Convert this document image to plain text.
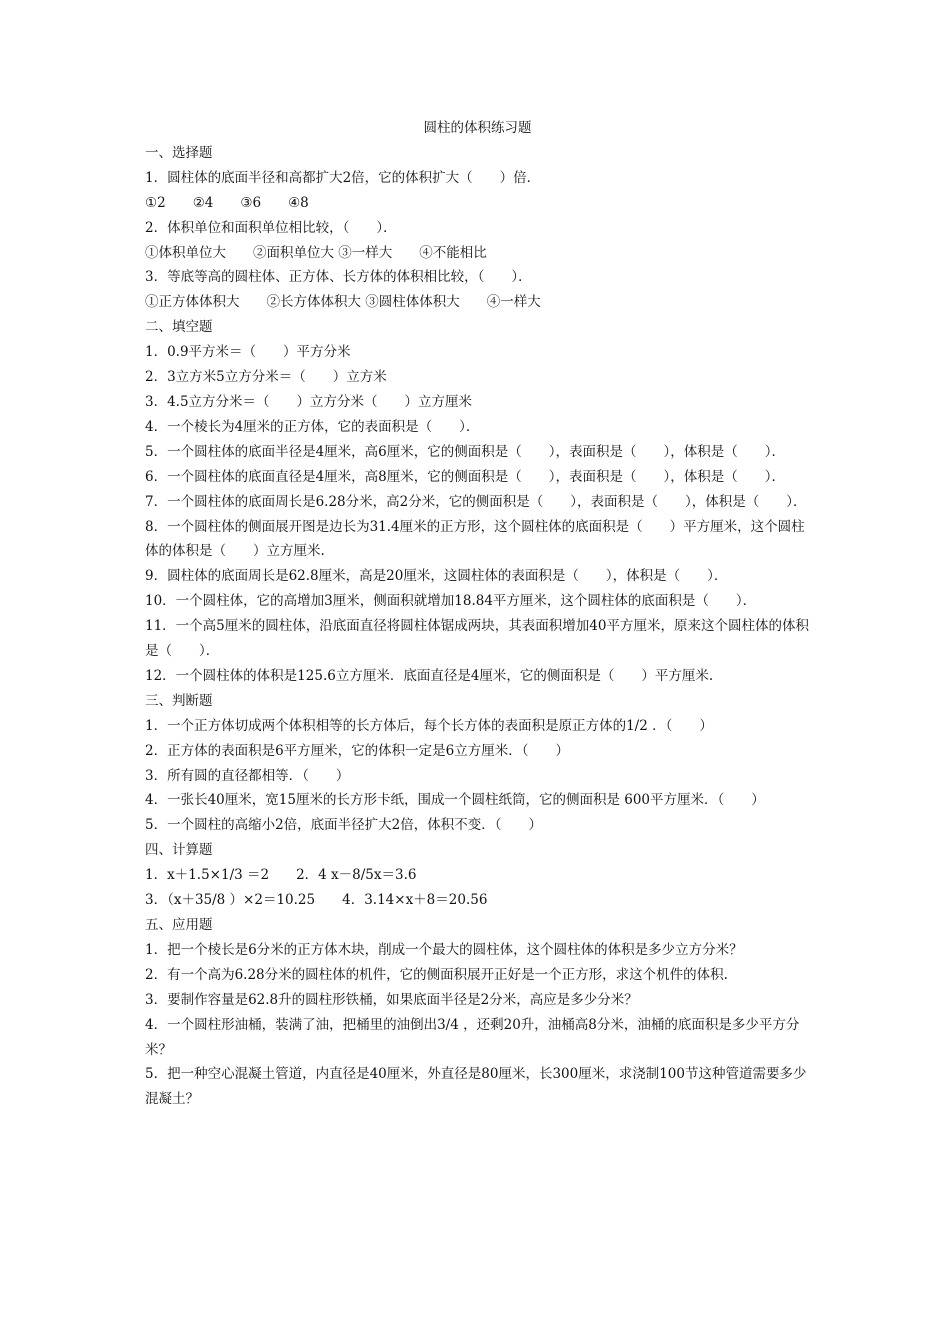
圆柱的体积练习题

一、选择题

1．圆柱体的底面半径和高都扩大2倍，它的体积扩大（　　）倍．

①2　　②4　　③6　　④8

2．体积单位和面积单位相比较，（　　）．

①体积单位大　　②面积单位大 ③一样大　　④不能相比

3．等底等高的圆柱体、正方体、长方体的体积相比较，（　　）．

①正方体体积大　　②长方体体积大 ③圆柱体体积大　　④一样大

二、填空题

1．0.9平方米＝（　　）平方分米

2．3立方米5立方分米＝（　　）立方米

3．4.5立方分米＝（　　）立方分米（　　）立方厘米

4．一个棱长为4厘米的正方体，它的表面积是（　　）．

5．一个圆柱体的底面半径是4厘米，高6厘米，它的侧面积是（　　），表面积是（　　），体积是（　　）．

6．一个圆柱体的底面直径是4厘米，高8厘米，它的侧面积是（　　），表面积是（　　），体积是（　　）．

7．一个圆柱体的底面周长是6.28分米，高2分米，它的侧面积是（　　），表面积是（　　），体积是（　　）．

8．一个圆柱体的侧面展开图是边长为31.4厘米的正方形，这个圆柱体的底面积是（　　）平方厘米，这个圆柱体的体积是（　　）立方厘米.

9．圆柱体的底面周长是62.8厘米，高是20厘米，这圆柱体的表面积是（　　），体积是（　　）．

10．一个圆柱体，它的高增加3厘米，侧面积就增加18.84平方厘米，这个圆柱体的底面积是（　　）．

11．一个高5厘米的圆柱体，沿底面直径将圆柱体锯成两块，其表面积增加40平方厘米，原来这个圆柱体的体积是（　　）．

12．一个圆柱体的体积是125.6立方厘米．底面直径是4厘米，它的侧面积是（　　）平方厘米.

三、判断题

1．一个正方体切成两个体积相等的长方体后，每个长方体的表面积是原正方体的1/2 ．（　　）

2．正方体的表面积是6平方厘米，它的体积一定是6立方厘米．（　　）

3．所有圆的直径都相等．（　　）

4．一张长40厘米，宽15厘米的长方形卡纸，围成一个圆柱纸筒，它的侧面积是 600平方厘米．（　　）

5．一个圆柱的高缩小2倍，底面半径扩大2倍，体积不变．（　　）

四、计算题

1．x＋1.5×1/3 ＝2　　2．4 x－8/5x＝3.6

3．（x＋35/8 ）×2＝10.25　　4．3.14×x＋8＝20.56

五、应用题

1．把一个棱长是6分米的正方体木块，削成一个最大的圆柱体，这个圆柱体的体积是多少立方分米？

2．有一个高为6.28分米的圆柱体的机件，它的侧面积展开正好是一个正方形，求这个机件的体积.

3．要制作容量是62.8升的圆柱形铁桶，如果底面半径是2分米，高应是多少分米？

4．一个圆柱形油桶，装满了油，把桶里的油倒出3/4 ，还剩20升，油桶高8分米，油桶的底面积是多少平方分米？

5．把一种空心混凝土管道，内直径是40厘米，外直径是80厘米，长300厘米，求浇制100节这种管道需要多少混凝土？
